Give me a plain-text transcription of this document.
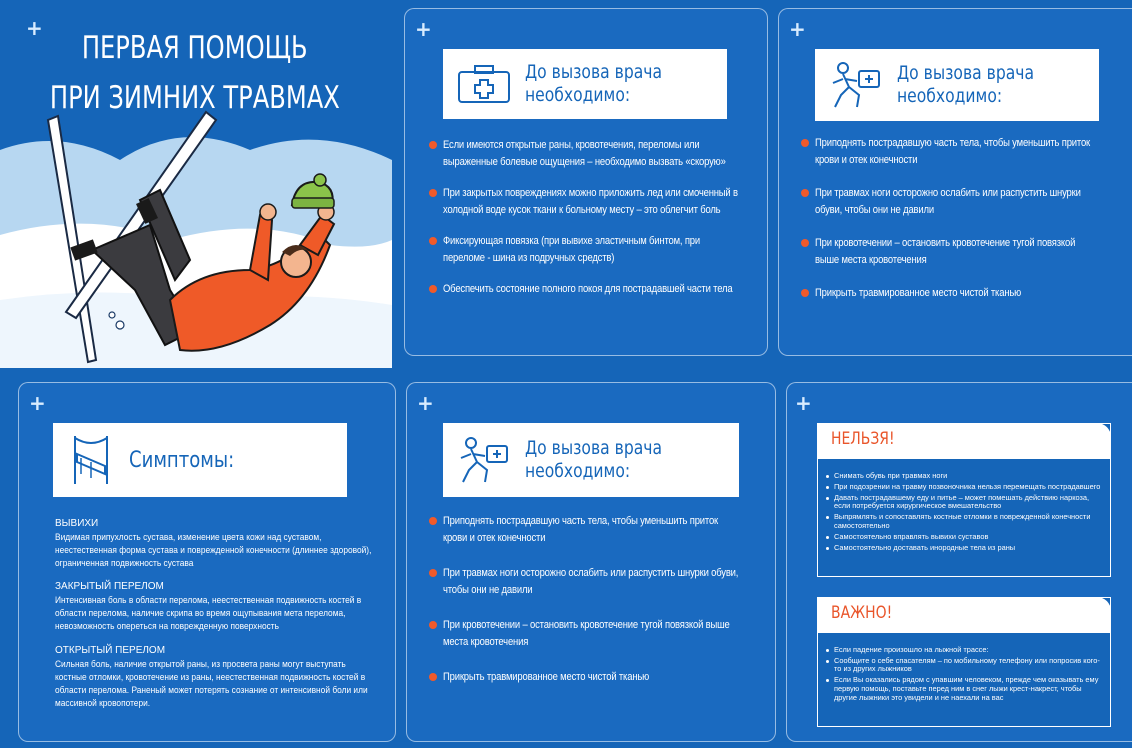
+
ПЕРВАЯ ПОМОЩЬ
ПРИ ЗИМНИХ ТРАВМАХ
+
До вызова врача
необходимо:
Если имеются открытые раны, кровотечения, переломы или выраженные болевые ощущения – необходимо вызвать «скорую»
При закрытых повреждениях можно приложить лед или смоченный в холодной воде кусок ткани к больному месту – это облегчит боль
Фиксирующая повязка (при вывихе эластичным бинтом, при переломе - шина из подручных средств)
Обеспечить состояние полного покоя для пострадавшей части тела
+
До вызова врача
необходимо:
Приподнять пострадавшую часть тела, чтобы уменьшить приток крови и отек конечности
При травмах ноги осторожно ослабить или распустить шнурки обуви, чтобы они не давили
При кровотечении – остановить кровотечение тугой повязкой выше места кровотечения
Прикрыть травмированное место чистой тканью
+
Симптомы:
ВЫВИХИ
Видимая припухлость сустава, изменение цвета кожи над суставом, неестественная форма сустава и поврежденной конечности (длиннее здоровой), ограниченная подвижность сустава
ЗАКРЫТЫЙ ПЕРЕЛОМ
Интенсивная боль в области перелома, неестественная подвижность костей в области перелома, наличие скрипа во время ощупывания мета перелома, невозможность опереться на поврежденную поверхность
ОТКРЫТЫЙ ПЕРЕЛОМ
Сильная боль, наличие открытой раны, из просвета раны могут выступать костные отломки, кровотечение из раны, неестественная подвижность костей в области перелома. Раненый может потерять сознание от интенсивной боли или массивной кровопотери.
+
До вызова врача
необходимо:
Приподнять пострадавшую часть тела, чтобы уменьшить приток крови и отек конечности
При травмах ноги осторожно ослабить или распустить шнурки обуви, чтобы они не давили
При кровотечении – остановить кровотечение тугой повязкой выше места кровотечения
Прикрыть травмированное место чистой тканью
+
НЕЛЬЗЯ!
Снимать обувь при травмах ноги
При подозрении на травму позвоночника нельзя перемещать пострадавшего
Давать пострадавшему еду и питье – может помешать действию наркоза, если потребуется хирургическое вмешательство
Выпрямлять и сопоставлять костные отломки в поврежденной конечности самостоятельно
Самостоятельно вправлять вывихи суставов
Самостоятельно доставать инородные тела из раны
ВАЖНО!
Если падение произошло на лыжной трассе:
Сообщите о себе спасателям – по мобильному телефону или попросив кого-то из других лыжников
Если Вы оказались рядом с упавшим человеком, прежде чем оказывать ему первую помощь, поставьте перед ним в снег лыжи крест-накрест, чтобы другие лыжники это увидели и не наехали на вас
